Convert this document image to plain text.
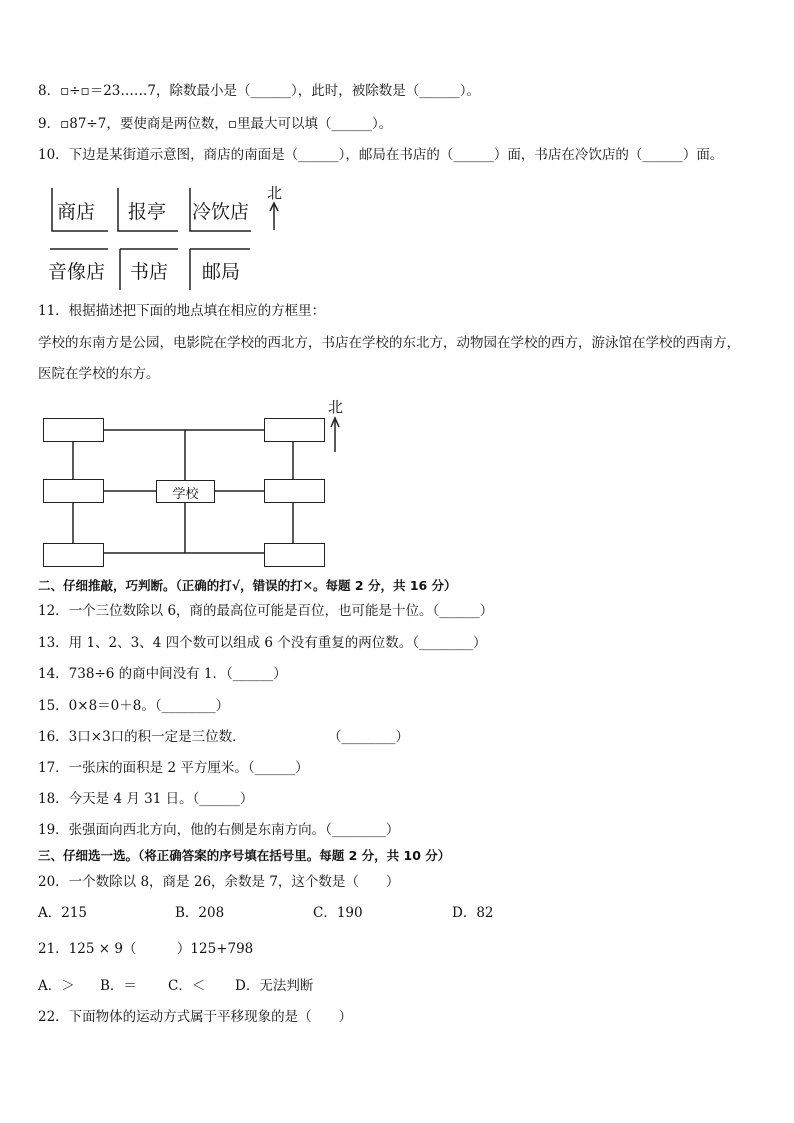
8．▫÷▫＝23……7，除数最小是（______），此时，被除数是（______）。
9．▫87÷7，要使商是两位数，▫里最大可以填（______）。
10．下边是某街道示意图，商店的南面是（______），邮局在书店的（______）面，书店在冷饮店的（______）面。
商店 报亭 冷饮店
音像店 书店 邮局
北
11．根据描述把下面的地点填在相应的方框里：
学校的东南方是公园，电影院在学校的西北方，书店在学校的东北方，动物园在学校的西方，游泳馆在学校的西南方，
医院在学校的东方。
学校
北
二、仔细推敲，巧判断。（正确的打√，错误的打✕。每题 2 分，共 16 分）
12．一个三位数除以 6，商的最高位可能是百位，也可能是十位。（______）
13．用 1、2、3、4 四个数可以组成 6 个没有重复的两位数。（________）
14．738÷6 的商中间没有 1．（______）
15．0×8＝0＋8。（________）
16．3口×3口的积一定是三位数．	（________）
17．一张床的面积是 2 平方厘米。（______）
18．今天是 4 月 31 日。（______）
19．张强面向西北方向，他的右侧是东南方向。（________）
三、仔细选一选。（将正确答案的序号填在括号里。每题 2 分，共 10 分）
20．一个数除以 8，商是 26，余数是 7，这个数是（　　）
A．215	B．208	C．190	D．82
21．125 × 9（　　　）125+798
A．＞ B．＝ C．＜ D．无法判断
22．下面物体的运动方式属于平移现象的是（　　）
